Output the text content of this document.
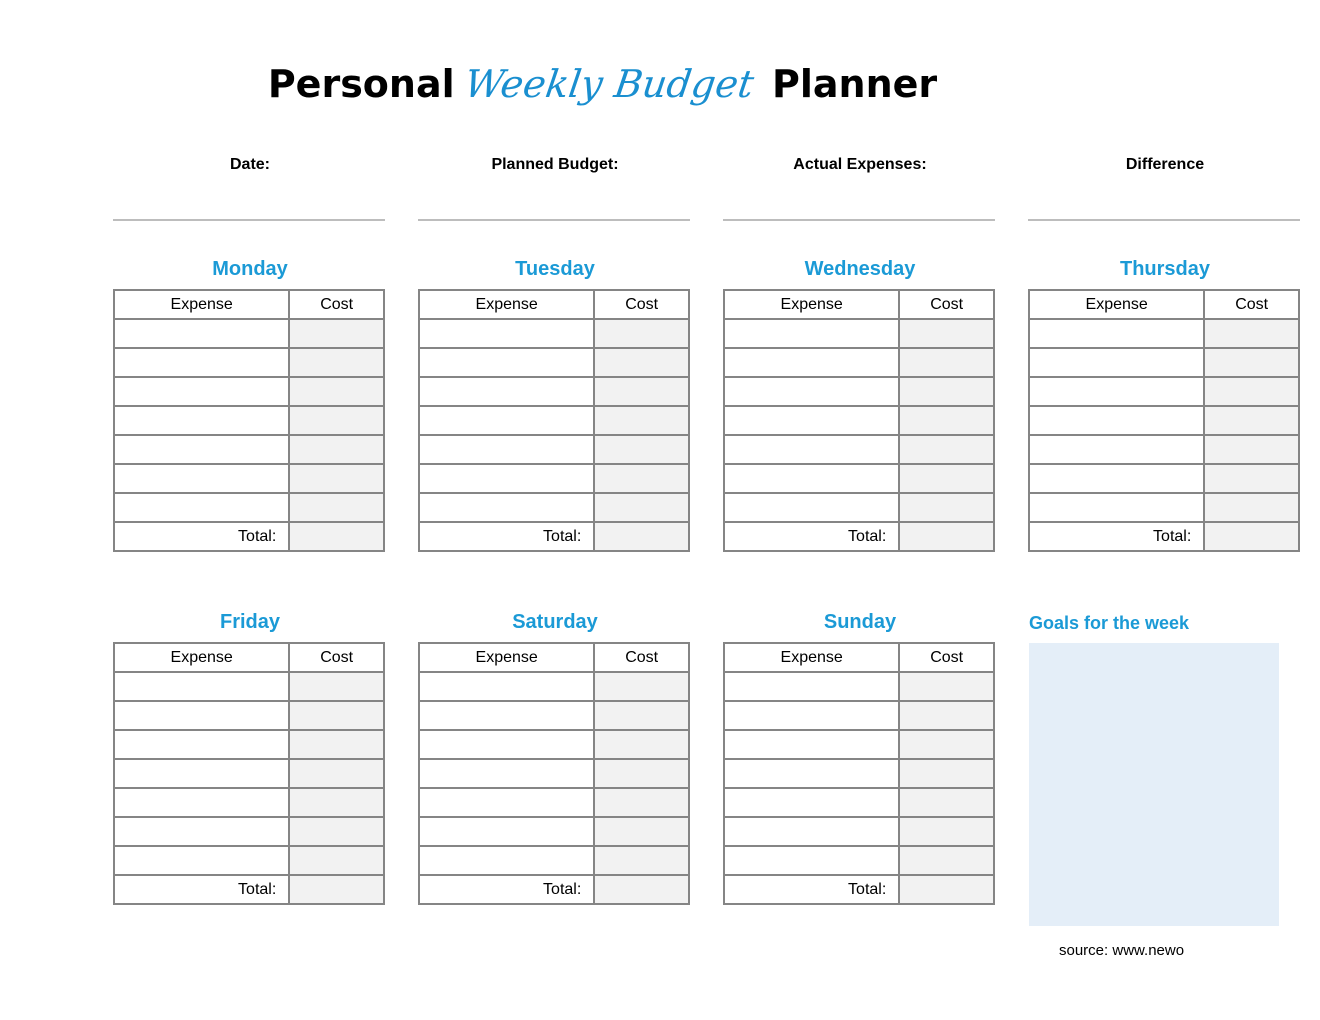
Personal Weekly Budget Planner
Date:	Planned Budget:	Actual Expenses:	Difference
Monday	Tuesday	Wednesday	Thursday
Friday	Saturday	Sunday
Expense	Cost

Total:	
Expense	Cost

Total:	
Expense	Cost

Total:	
Expense	Cost

Total:	
Expense	Cost

Total:	
Expense	Cost

Total:	
Expense	Cost

Total:	
Goals for the week
source: www.newo
